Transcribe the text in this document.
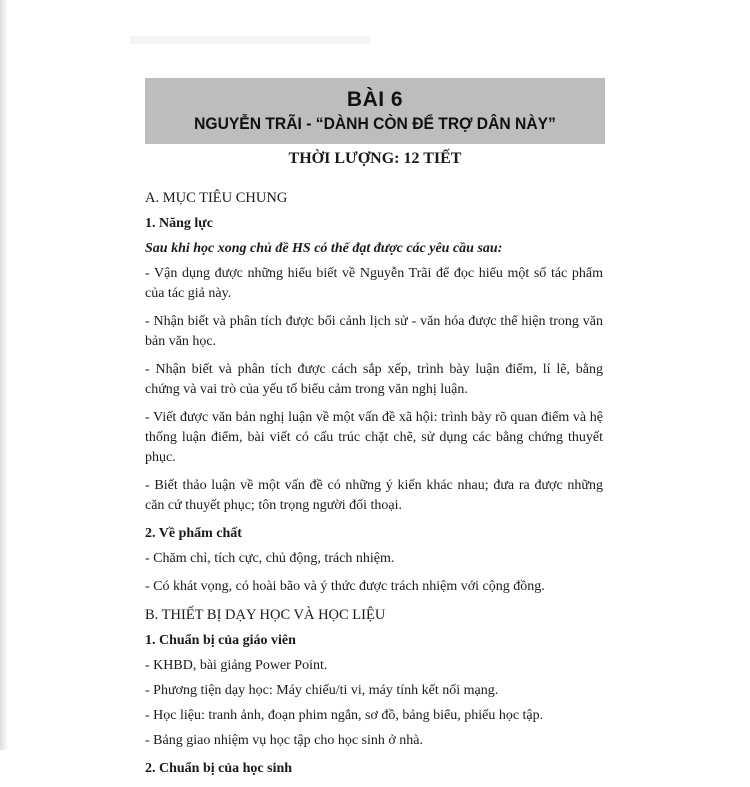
BÀI 6
NGUYỄN TRÃI - “DÀNH CÒN ĐỂ TRỢ DÂN NÀY”
THỜI LƯỢNG: 12 TIẾT

A. MỤC TIÊU CHUNG

1. Năng lực

Sau khi học xong chủ đề HS có thể đạt được các yêu cầu sau:

- Vận dụng được những hiểu biết về Nguyễn Trãi để đọc hiểu một số tác phẩm của tác giả này.

- Nhận biết và phân tích được bối cảnh lịch sử - văn hóa được thể hiện trong văn bản văn học.

- Nhận biết và phân tích được cách sắp xếp, trình bày luận điểm, lí lẽ, bằng chứng và vai trò của yếu tố biểu cảm trong văn nghị luận.

- Viết được văn bản nghị luận về một vấn đề xã hội: trình bày rõ quan điểm và hệ thống luận điểm, bài viết có cấu trúc chặt chẽ, sử dụng các bằng chứng thuyết phục.

- Biết thảo luận về một vấn đề có những ý kiến khác nhau; đưa ra được những căn cứ thuyết phục; tôn trọng người đối thoại.

2. Về phẩm chất

- Chăm chỉ, tích cực, chủ động, trách nhiệm.

- Có khát vọng, có hoài bão và ý thức được trách nhiệm với cộng đồng.

B. THIẾT BỊ DẠY HỌC VÀ HỌC LIỆU

1. Chuẩn bị của giáo viên

- KHBD, bài giảng Power Point.

- Phương tiện dạy học: Máy chiếu/ti vi, máy tính kết nối mạng.

- Học liệu: tranh ảnh, đoạn phim ngắn, sơ đồ, bảng biểu, phiếu học tập.

- Bảng giao nhiệm vụ học tập cho học sinh ở nhà.

2. Chuẩn bị của học sinh
